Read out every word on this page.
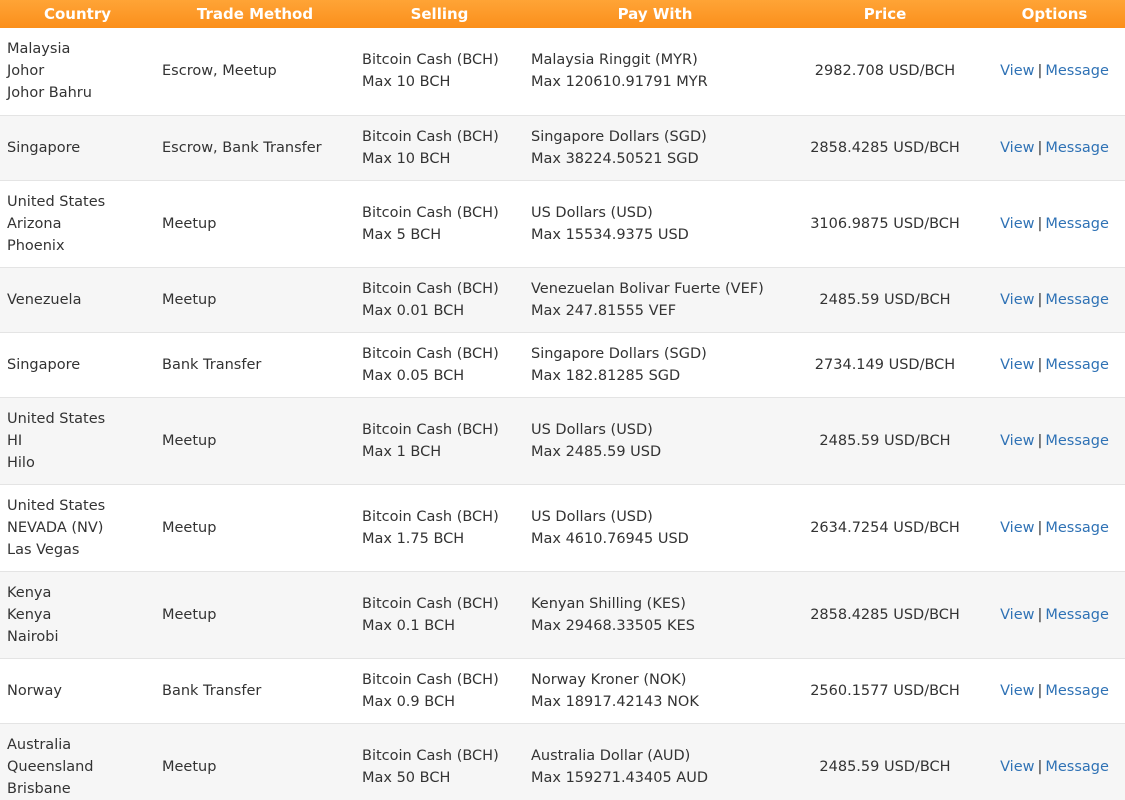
Country	Trade Method	Selling	Pay With	Price	Options

Malaysia
Johor
Johor Bahru	Escrow, Meetup	Bitcoin Cash (BCH)
Max 10 BCH	Malaysia Ringgit (MYR)
Max 120610.91791 MYR	2982.708 USD/BCH	View | Message

Singapore	Escrow, Bank Transfer	Bitcoin Cash (BCH)
Max 10 BCH	Singapore Dollars (SGD)
Max 38224.50521 SGD	2858.4285 USD/BCH	View | Message

United States
Arizona
Phoenix	Meetup	Bitcoin Cash (BCH)
Max 5 BCH	US Dollars (USD)
Max 15534.9375 USD	3106.9875 USD/BCH	View | Message

Venezuela	Meetup	Bitcoin Cash (BCH)
Max 0.01 BCH	Venezuelan Bolivar Fuerte (VEF)
Max 247.81555 VEF	2485.59 USD/BCH	View | Message

Singapore	Bank Transfer	Bitcoin Cash (BCH)
Max 0.05 BCH	Singapore Dollars (SGD)
Max 182.81285 SGD	2734.149 USD/BCH	View | Message

United States
HI
Hilo	Meetup	Bitcoin Cash (BCH)
Max 1 BCH	US Dollars (USD)
Max 2485.59 USD	2485.59 USD/BCH	View | Message

United States
NEVADA (NV)
Las Vegas	Meetup	Bitcoin Cash (BCH)
Max 1.75 BCH	US Dollars (USD)
Max 4610.76945 USD	2634.7254 USD/BCH	View | Message

Kenya
Kenya
Nairobi	Meetup	Bitcoin Cash (BCH)
Max 0.1 BCH	Kenyan Shilling (KES)
Max 29468.33505 KES	2858.4285 USD/BCH	View | Message

Norway	Bank Transfer	Bitcoin Cash (BCH)
Max 0.9 BCH	Norway Kroner (NOK)
Max 18917.42143 NOK	2560.1577 USD/BCH	View | Message

Australia
Queensland
Brisbane	Meetup	Bitcoin Cash (BCH)
Max 50 BCH	Australia Dollar (AUD)
Max 159271.43405 AUD	2485.59 USD/BCH	View | Message
